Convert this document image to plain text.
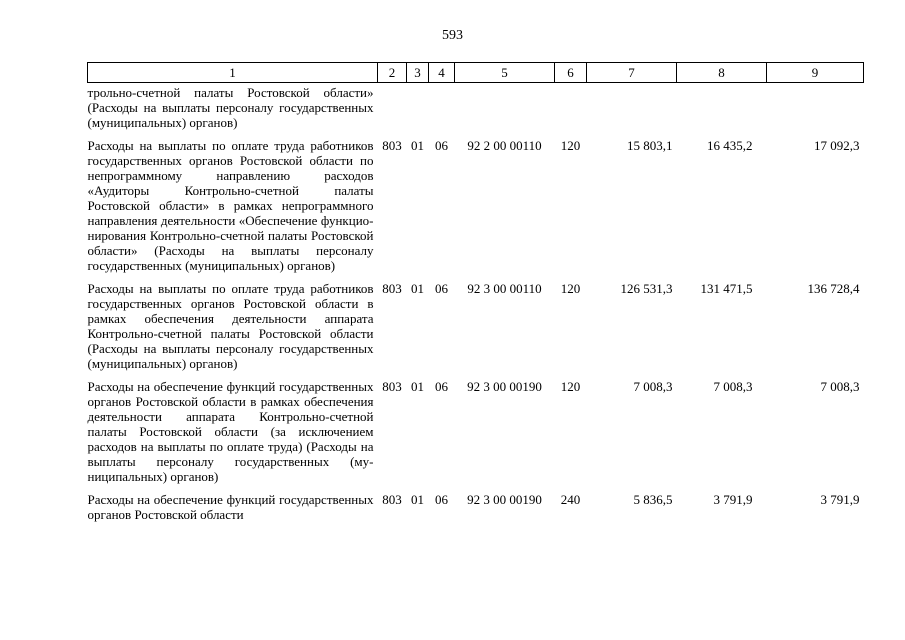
593
1	2	3	4	5	6	7	8	9
трольно-счетной палаты Ростовской области» (Расходы на выплаты персоналу государственных (муниципальных) органов)								
Расходы на выплаты по оплате труда работников государственных органов Ростовской области по непрограммному направлению расходов «Аудиторы Контрольно-счетной палаты Ростовской области» в рамках непрограммного направления деятельности «Обеспечение функционирования Контрольно-счетной палаты Ростовской области» (Расходы на выплаты персоналу государственных (муниципальных) органов)	803	01	06	92 2 00 00110	120	15 803,1	16 435,2	17 092,3
Расходы на выплаты по оплате труда работников государственных органов Ростовской области в рамках обеспечения деятельности аппарата Контрольно-счетной палаты Ростовской области (Расходы на выплаты персоналу государственных (муниципальных) органов)	803	01	06	92 3 00 00110	120	126 531,3	131 471,5	136 728,4
Расходы на обеспечение функций государственных органов Ростовской области в рамках обеспечения деятельности аппарата Контрольно-счетной палаты Ростовской области (за исключением расходов на выплаты по оплате труда) (Расходы на выплаты персоналу государственных (муниципальных) органов)	803	01	06	92 3 00 00190	120	7 008,3	7 008,3	7 008,3
Расходы на обеспечение функций государственных органов Ростовской области	803	01	06	92 3 00 00190	240	5 836,5	3 791,9	3 791,9
